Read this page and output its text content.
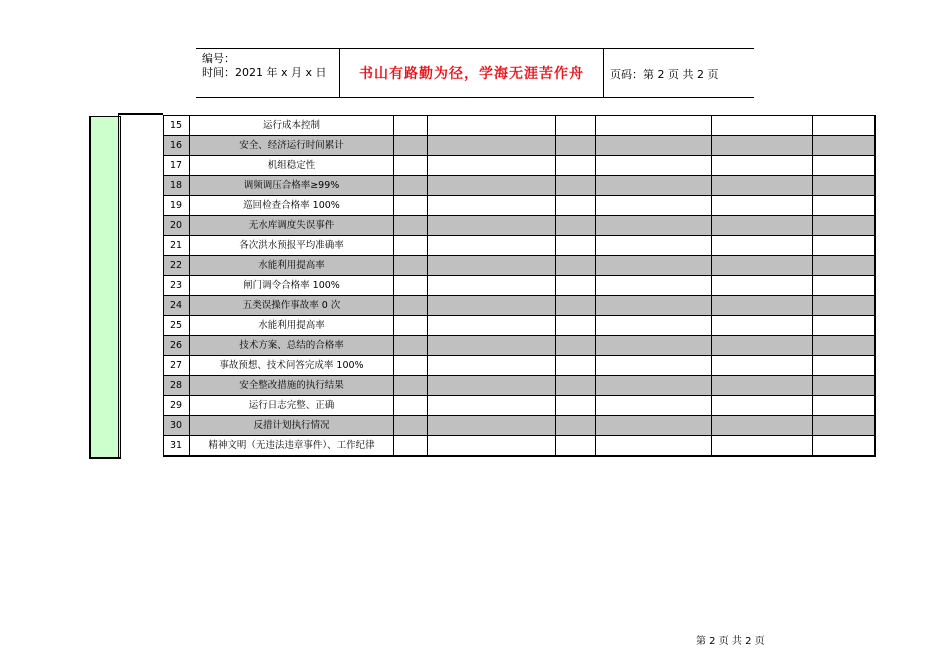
编号：
时间：2021 年 x 月 x 日	书山有路勤为径，学海无涯苦作舟	页码：第 2 页 共 2 页
15	运行成本控制						
16	安全、经济运行时间累计						
17	机组稳定性						
18	调频调压合格率≥99%						
19	巡回检查合格率 100%						
20	无水库调度失误事件						
21	各次洪水预报平均准确率						
22	水能利用提高率						
23	闸门调令合格率 100%						
24	五类误操作事故率 0 次						
25	水能利用提高率						
26	技术方案、总结的合格率						
27	事故预想、技术问答完成率 100%						
28	安全整改措施的执行结果						
29	运行日志完整、正确						
30	反措计划执行情况						
31	精神文明（无违法违章事件）、工作纪律						
第 2 页 共 2 页
